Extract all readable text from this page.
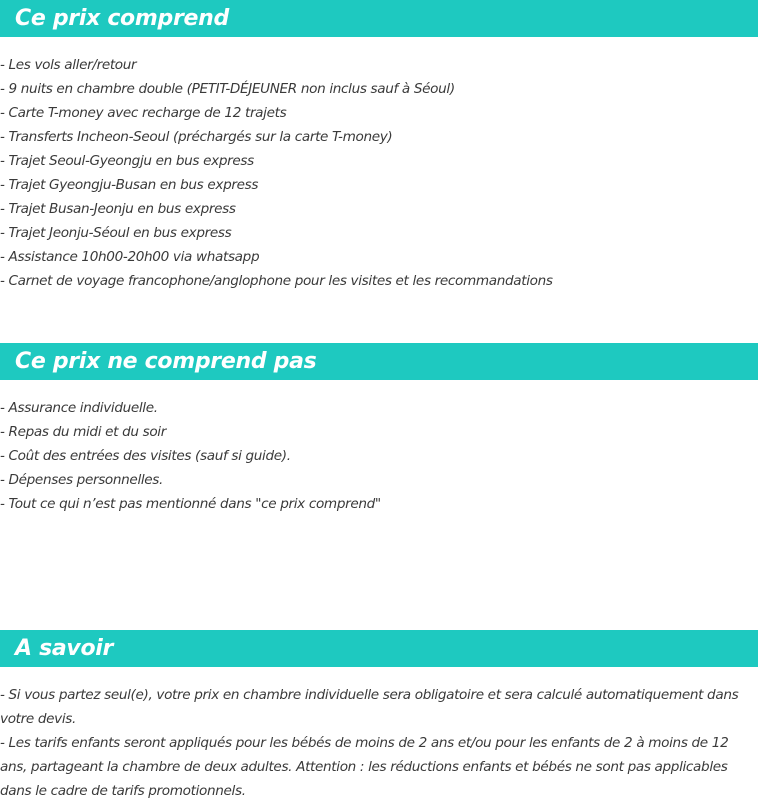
Ce prix comprend
- Les vols aller/retour
- 9 nuits en chambre double (PETIT-DÉJEUNER non inclus sauf à Séoul)
- Carte T-money avec recharge de 12 trajets
- Transferts Incheon-Seoul (préchargés sur la carte T-money)
- Trajet Seoul-Gyeongju en bus express
- Trajet Gyeongju-Busan en bus express
- Trajet Busan-Jeonju en bus express
- Trajet Jeonju-Séoul en bus express
- Assistance 10h00-20h00 via whatsapp
- Carnet de voyage francophone/anglophone pour les visites et les recommandations
Ce prix ne comprend pas
- Assurance individuelle.
- Repas du midi et du soir
- Coût des entrées des visites (sauf si guide).
- Dépenses personnelles.
- Tout ce qui n’est pas mentionné dans "ce prix comprend"
A savoir

- Si vous partez seul(e), votre prix en chambre individuelle sera obligatoire et sera calculé automatiquement dans votre devis.

- Les tarifs enfants seront appliqués pour les bébés de moins de 2 ans et/ou pour les enfants de 2 à moins de 12 ans, partageant la chambre de deux adultes. Attention : les réductions enfants et bébés ne sont pas applicables dans le cadre de tarifs promotionnels.
